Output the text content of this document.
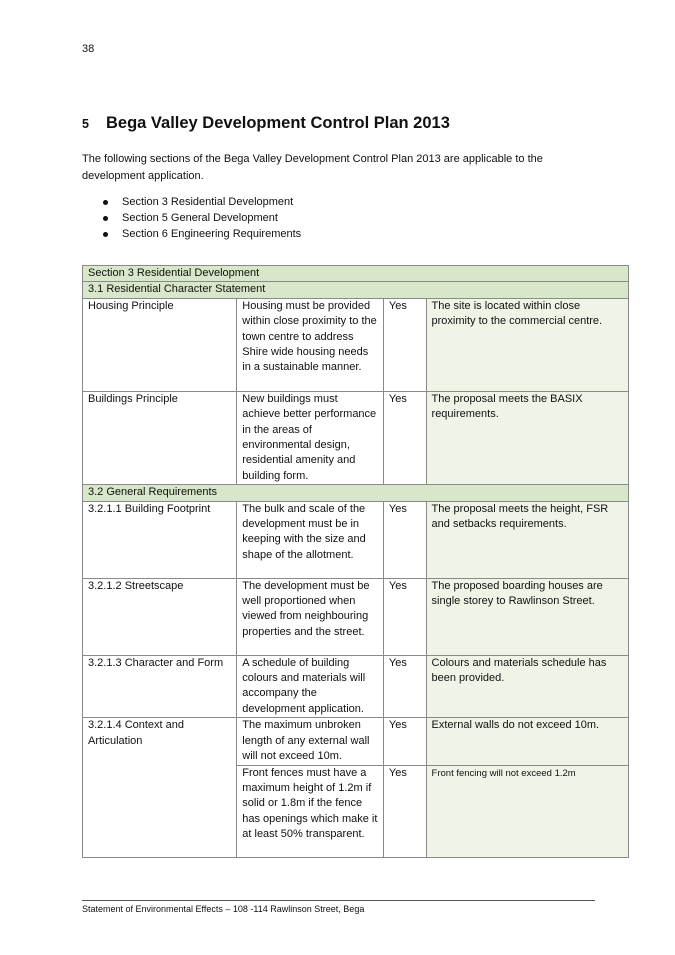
38
5 Bega Valley Development Control Plan 2013
The following sections of the Bega Valley Development Control Plan 2013 are applicable to the development application.
Section 3 Residential Development
Section 5 General Development
Section 6 Engineering Requirements
Section 3 Residential Development			
3.1 Residential Character Statement			
Housing Principle	Housing must be provided within close proximity to the town centre to address Shire wide housing needs in a sustainable manner.	Yes	The site is located within close proximity to the commercial centre.
Buildings Principle	New buildings must achieve better performance in the areas of environmental design, residential amenity and building form.	Yes	The proposal meets the BASIX requirements.
3.2 General Requirements			
3.2.1.1 Building Footprint	The bulk and scale of the development must be in keeping with the size and shape of the allotment.	Yes	The proposal meets the height, FSR and setbacks requirements.
3.2.1.2 Streetscape	The development must be well proportioned when viewed from neighbouring properties and the street.	Yes	The proposed boarding houses are single storey to Rawlinson Street.
3.2.1.3 Character and Form	A schedule of building colours and materials will accompany the development application.	Yes	Colours and materials schedule has been provided.
3.2.1.4 Context and Articulation	The maximum unbroken length of any external wall will not exceed 10m.	Yes	External walls do not exceed 10m.
	Front fences must have a maximum height of 1.2m if solid or 1.8m if the fence has openings which make it at least 50% transparent.	Yes	Front fencing will not exceed 1.2m
Statement of Environmental Effects – 108 -114 Rawlinson Street, Bega
